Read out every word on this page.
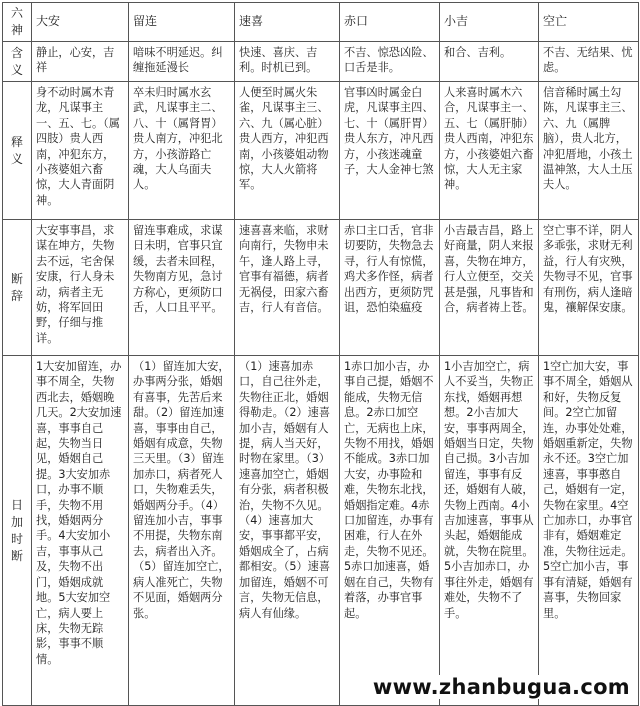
六神	大安	留连	速喜	赤口	小吉	空亡

含义	静止，心安，吉祥	喑味不明延迟。纠缠拖延漫长	快速、喜庆、吉利。时机已到。	不吉、惊恐凶险、口舌是非。	和合、吉利。	不吉、无结果、忧虑。

释义	身不动时属木青龙，凡谋事主一、五、七。（属四肢）贵人西南，冲犯东方，小孩婆姐六畜惊，大人青面阴神。	卒未归时属水玄武，凡谋事主二、八、十（属肾胃）贵人南方，冲犯北方，小孩游路亡魂，大人乌面夫人。	人便至时属火朱雀，凡谋事主三、六、九（属心脏）贵人西方，冲犯西南，小孩婆姐动物惊，大人火箭将军。	官事凶时属金白虎，凡谋事主四、七、十（属肝胃）贵人东方，冲凡西方，小孩迷魂童子，大人金神七煞	人来喜时属木六合，凡谋事主一、五、七（属肝肺）贵人西南，冲犯东方，小孩婆姐六畜惊，大人无主家神。	信音稀时属土勾陈，凡谋事主三、六、九（属脾脑），贵人北方，冲犯厝地，小孩土温神煞，大人土压夫人。

断辞	大安事事昌，求谋在坤方，失物去不远，宅舍保安康，行人身未动，病者主无妨，将军回田野，仔细与推详。	留连事难成，求谋日未明，官事只宜缓，去者未回程，失物南方见，急讨方称心，更须防口舌，人口且平平。	速喜喜来临，求财向南行，失物申未午，逢人路上寻，官事有福德，病者无祸侵，田家六畜吉，行人有音信。	赤口主口舌，官非切要防，失物急去寻，行人有惊慌，鸡犬多作怪，病者出西方，更须防咒诅，恐怕染瘟疫	小吉最吉昌，路上好商量，阴人来报喜，失物在坤方，行人立便至，交关甚是强，凡事皆和合，病者祷上苍。	空亡事不详，阴人多乖张，求财无利益，行人有灾殃，失物寻不见，官事有刑伤，病人逢暗鬼，禳解保安康。

日加时断	1大安加留连，办事不周全，失物西北去，婚姻晚几天。2大安加速喜，事事自己起，失物当日见，婚姻自己提。3大安加赤口，办事不顺手，失物不用找，婚姻两分手。4大安加小吉，事事从己及，失物不出门，婚姻成就地。5大安加空亡，病人要上床，失物无踪影，事事不顺情。	（1）留连加大安，办事两分张，婚姻有喜事，先苦后来甜。（2）留连加速喜，事事由自己，婚姻有成意，失物三天里。（3）留连加赤口，病者死人口，失物难丢失，婚姻两分手。（4）留连加小吉，事事不用提，失物东南去，病者出入齐。（5）留连加空亡，病人准死亡，失物不见面，婚姻两分张。	（1）速喜加赤口，自己往外走，失物往正北，婚姻得勒走。（2）速喜加小吉，婚姻有人提，病人当天好，时物在家里。（3）速喜加空亡，婚姻有分张，病者积极治，失物不久见。（4）速喜加大安，事事都平安，婚姻成全了，占病都相安。（5）速喜加留连，婚姻不可言，失物无信息，病人有仙缘。	1赤口加小吉，办事自己提，婚姻不能成，失物无信息。2赤口加空亡，无病也上床，失物不用找，婚姻不能成。3赤口加大安，办事险和难，失物东北找，婚姻指定难。4赤口加留连，办事有困难，行人在外走，失物不见还。5赤口加速喜，婚姻在自己，失物有着落，办事官事起。	1小吉加空亡，病人不妥当，失物正东找，婚姻再想想。2小吉加大安，事事两周全，婚姻当日定，失物自己损。3小吉加留连，事事有反还，婚姻有人破，失物上西南。4小吉加速喜，事事从头起，婚姻能成就，失物在院里。5小吉加赤口，办事往外走，婚姻有难处，失物不了手。	1空亡加大安，事事不周全，婚姻从和好，失物反复间。2空亡加留连，办事处处难，婚姻重新定，失物永不还。3空亡加速喜，事事憨自己，婚姻有一定，失物在家里。4空亡加赤口，办事官非有，婚姻难定准，失物往远走。5空亡加小吉，事事有清疑，婚姻有喜事，失物回家里。
www.zhanbugua.com
